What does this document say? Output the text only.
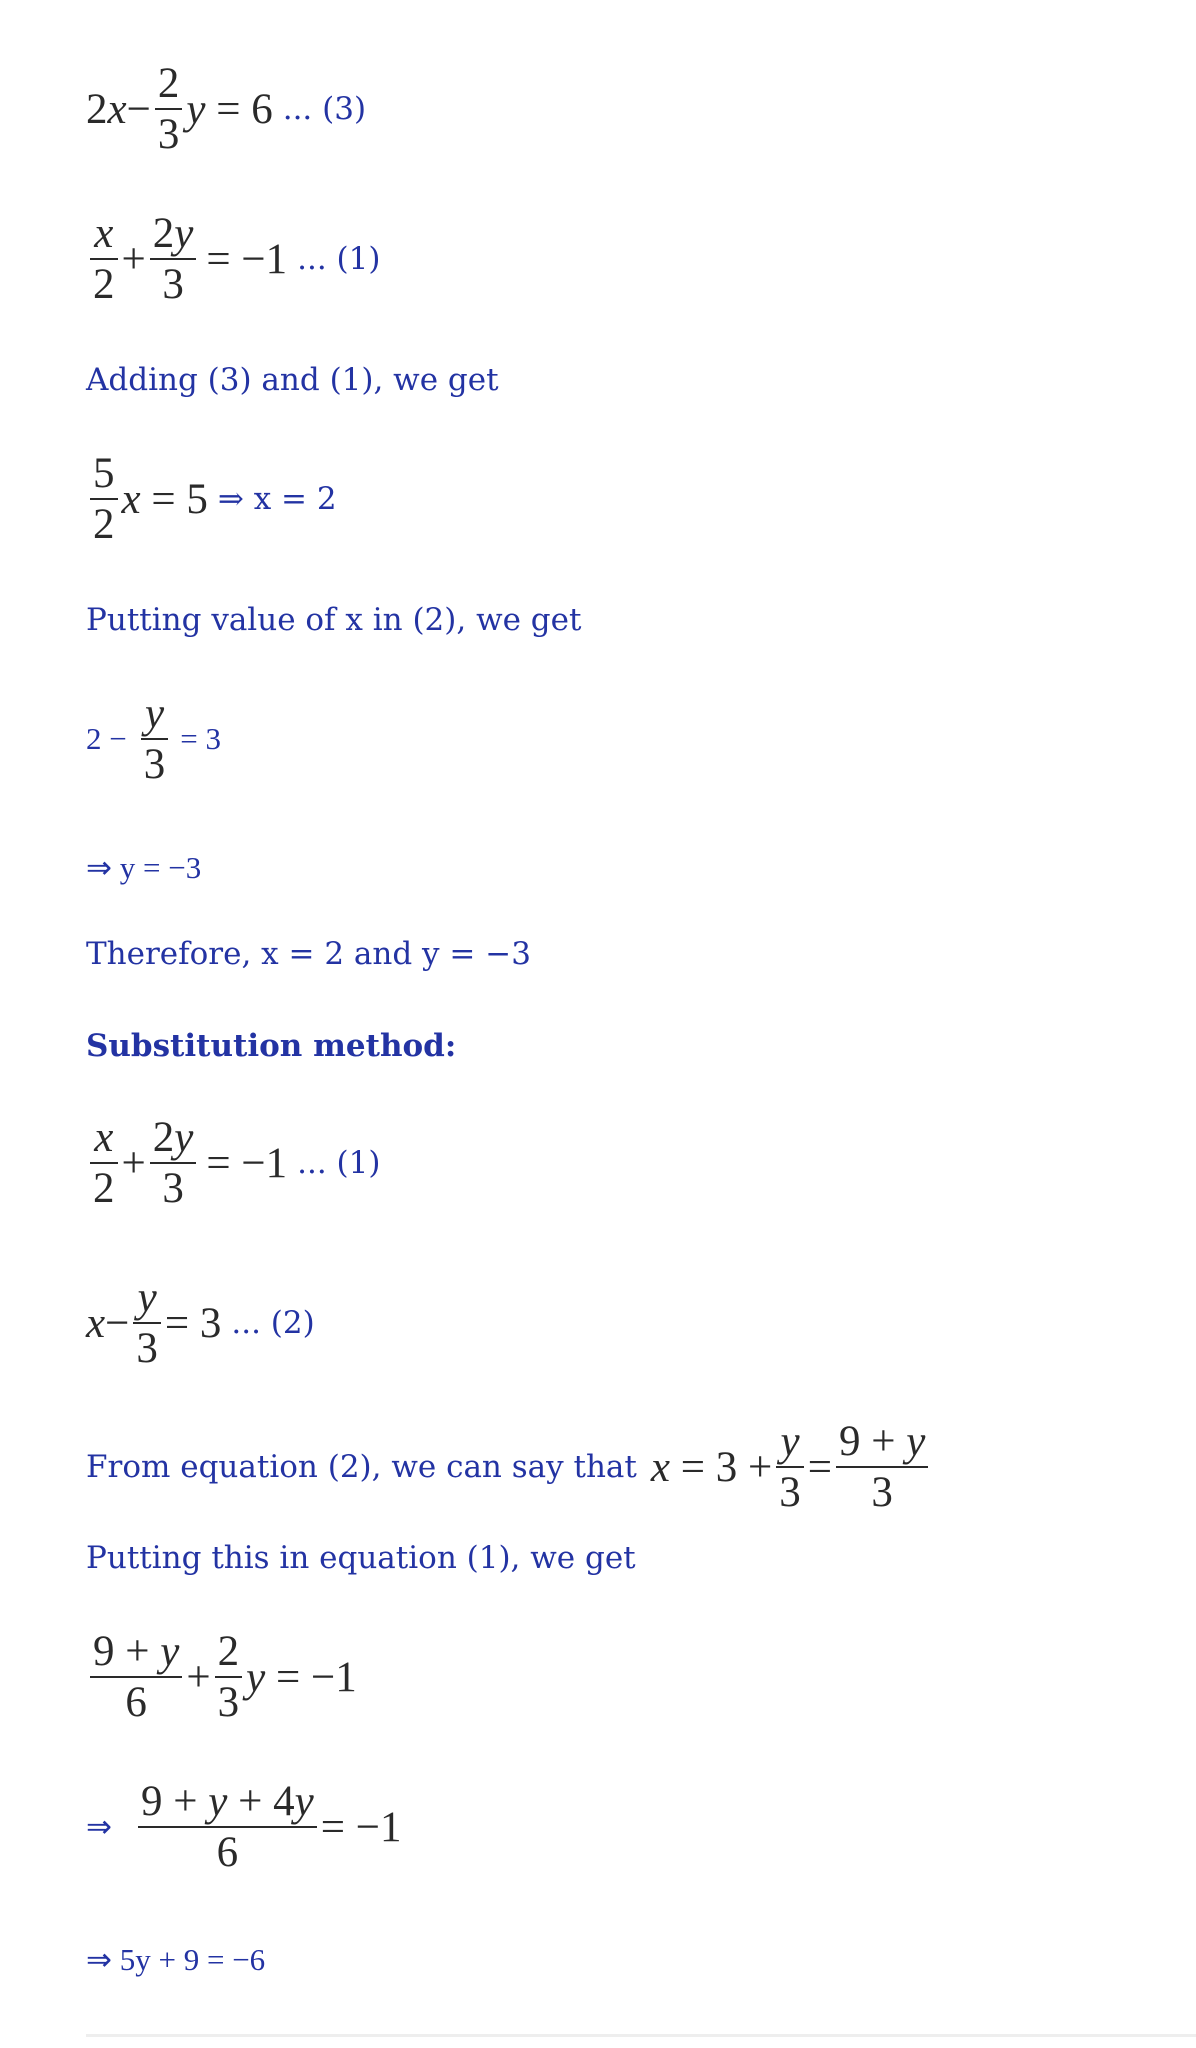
$2x- \frac{2}{3}$ y = 6 ... (3)
$\frac{x}{2} + \frac{2y}{3} = -1$ ... (1)
Adding (3) and (1), we get
$\frac{5}{2}$ x = 5 ⇒ x = 2
Putting value of x in (2), we get
$2 - \frac{y}{3} = 3$
⇒ y = −3
Therefore, x = 2 and y = −3
Substitution method:
$\frac{x}{2} + \frac{2y}{3} = -1$ ... (1)
$x- \frac{y}{3} = 3$ ... (2)
From equation (2), we can say that $x = 3 + \frac{y}{3} = \frac{9 + y}{3}$
Putting this in equation (1), we get
$\frac{9 + y}{6} + \frac{2}{3}$ y = −1
⇒ $\frac{9 + y + 4y}{6} = -1$
⇒ 5y + 9 = −6
